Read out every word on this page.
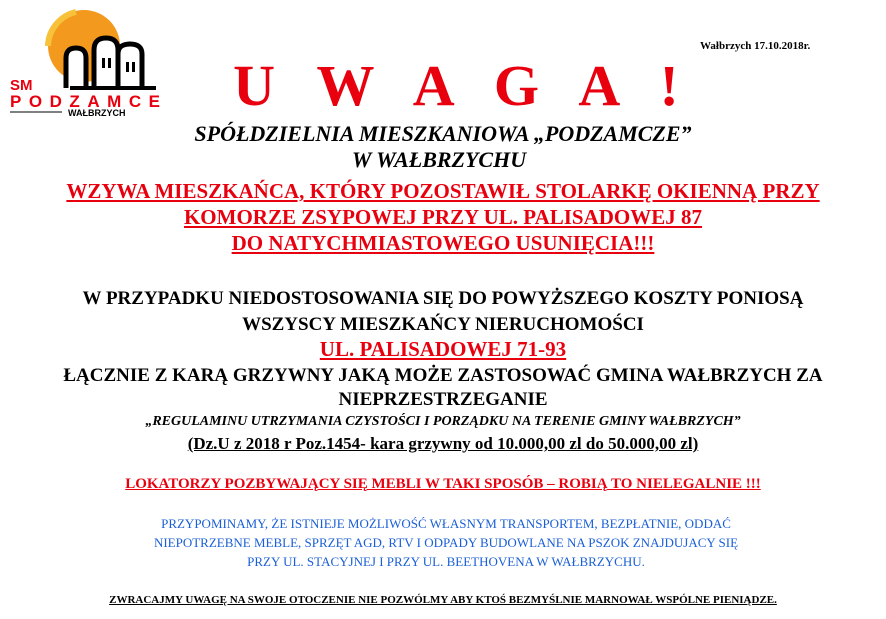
SM
PODZAMCE
WAŁBRZYCH
Wałbrzych 17.10.2018r.
U W A G A !
SPÓŁDZIELNIA MIESZKANIOWA „PODZAMCZE”
W WAŁBRZYCHU
WZYWA MIESZKAŃCA, KTÓRY POZOSTAWIŁ STOLARKĘ OKIENNĄ PRZY
KOMORZE ZSYPOWEJ PRZY UL. PALISADOWEJ 87
DO NATYCHMIASTOWEGO USUNIĘCIA!!!
W PRZYPADKU NIEDOSTOSOWANIA SIĘ DO POWYŻSZEGO KOSZTY PONIOSĄ
WSZYSCY MIESZKAŃCY NIERUCHOMOŚCI
UL. PALISADOWEJ 71-93
ŁĄCZNIE Z KARĄ GRZYWNY JAKĄ MOŻE ZASTOSOWAĆ GMINA WAŁBRZYCH ZA
NIEPRZESTRZEGANIE
„REGULAMINU UTRZYMANIA CZYSTOŚCI I PORZĄDKU NA TERENIE GMINY WAŁBRZYCH”
(Dz.U z 2018 r Poz.1454- kara grzywny od 10.000,00 zl do 50.000,00 zl)
LOKATORZY POZBYWAJĄCY SIĘ MEBLI W TAKI SPOSÓB – ROBIĄ TO NIELEGALNIE !!!
PRZYPOMINAMY, ŻE ISTNIEJE MOŻLIWOŚĆ WŁASNYM TRANSPORTEM, BEZPŁATNIE, ODDAĆ
NIEPOTRZEBNE MEBLE, SPRZĘT AGD, RTV I ODPADY BUDOWLANE NA PSZOK ZNAJDUJACY SIĘ
PRZY UL. STACYJNEJ I PRZY UL. BEETHOVENA W WAŁBRZYCHU.
ZWRACAJMY UWAGĘ NA SWOJE OTOCZENIE NIE POZWÓLMY ABY KTOŚ BEZMYŚLNIE MARNOWAŁ WSPÓLNE PIENIĄDZE.
